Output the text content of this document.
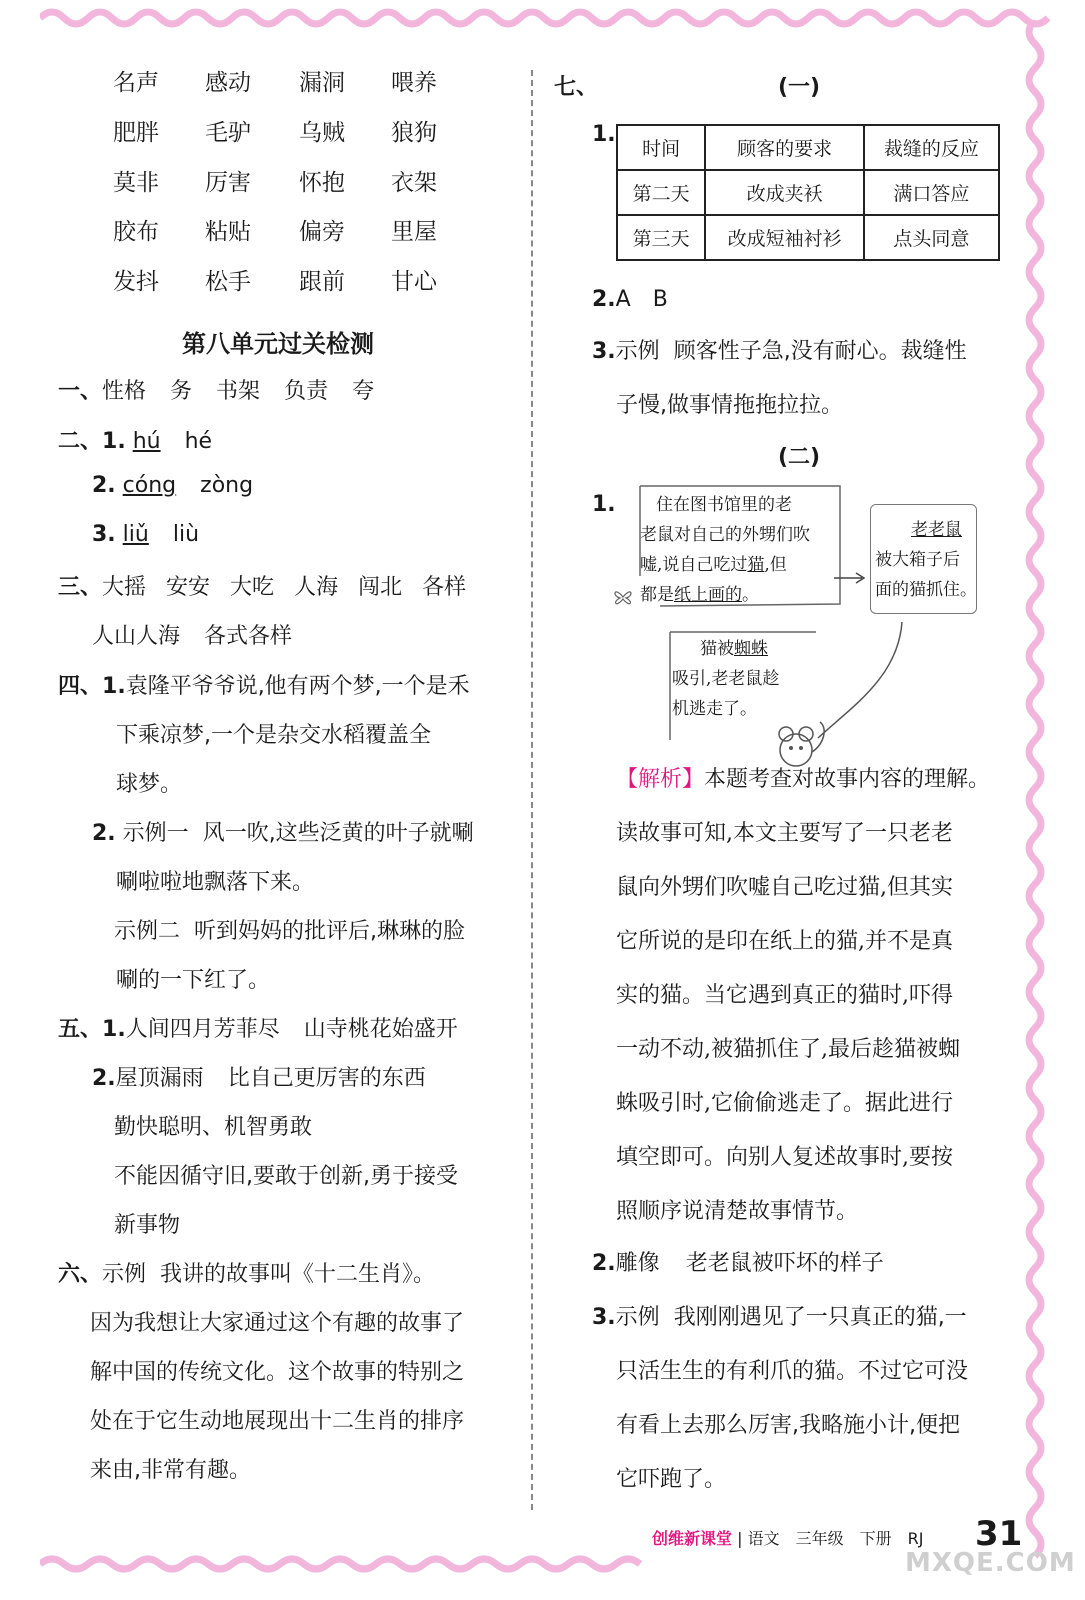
名声	感动	漏洞	喂养
肥胖	毛驴	乌贼	狼狗
莫非	厉害	怀抱	衣架
胶布	粘贴	偏旁	里屋
发抖	松手	跟前	甘心
第八单元过关检测
一、性格 务 书架 负责 夸
二、1. hú hé
2. cóng zòng
3. liǔ liù
三、大摇 安安 大吃 人海 闯北 各样
人山人海 各式各样
四、1.袁隆平爷爷说,他有两个梦,一个是禾
下乘凉梦,一个是杂交水稻覆盖全
球梦。
2. 示例一 风一吹,这些泛黄的叶子就唰
唰啦啦地飘落下来。
示例二 听到妈妈的批评后,琳琳的脸
唰的一下红了。
五、1.人间四月芳菲尽 山寺桃花始盛开
2.屋顶漏雨 比自己更厉害的东西
勤快聪明、机智勇敢
不能因循守旧,要敢于创新,勇于接受
新事物
六、示例 我讲的故事叫《十二生肖》。
因为我想让大家通过这个有趣的故事了
解中国的传统文化。这个故事的特别之
处在于它生动地展现出十二生肖的排序
来由,非常有趣。
七、	(一)
1.
时间	顾客的要求	裁缝的反应
第二天	改成夹袄	满口答应
第三天	改成短袖衬衫	点头同意
2.A　B
3.示例 顾客性子急,没有耐心。裁缝性
子慢,做事情拖拖拉拉。
(二)
1. 住在图书馆里的老
老鼠对自己的外甥们吹
嘘,说自己吃过猫,但
都是纸上画的。
老老鼠
被大箱子后
面的猫抓住。
猫被蜘蛛
吸引,老老鼠趁
机逃走了。
【解析】本题考查对故事内容的理解。
读故事可知,本文主要写了一只老老
鼠向外甥们吹嘘自己吃过猫,但其实
它所说的是印在纸上的猫,并不是真
实的猫。当它遇到真正的猫时,吓得
一动不动,被猫抓住了,最后趁猫被蜘
蛛吸引时,它偷偷逃走了。据此进行
填空即可。向别人复述故事时,要按
照顺序说清楚故事情节。
2.雕像 老老鼠被吓坏的样子
3.示例 我刚刚遇见了一只真正的猫,一
只活生生的有利爪的猫。不过它可没
有看上去那么厉害,我略施小计,便把
它吓跑了。
创维新课堂 | 语文　 三年级　 下册　 RJ 31
MXQE.COM
